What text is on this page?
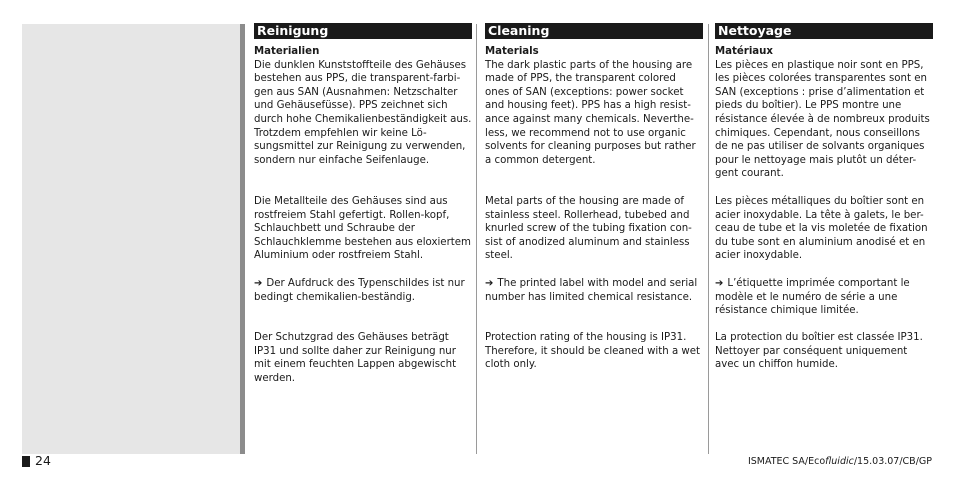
Reinigung
Materialien

Die dunklen Kunststoffteile des Gehäuses bestehen aus PPS, die transparent-farbi-gen aus SAN (Ausnahmen: Netzschalter und Gehäusefüsse). PPS zeichnet sich durch hohe Chemikalienbeständigkeit aus. Trotzdem empfehlen wir keine Lö-sungsmittel zur Reinigung zu verwenden, sondern nur einfache Seifenlauge.

Die Metallteile des Gehäuses sind aus rostfreiem Stahl gefertigt. Rollen-kopf, Schlauchbett und Schraube der Schlauchklemme bestehen aus eloxiertem Aluminium oder rostfreiem Stahl.

➔ Der Aufdruck des Typenschildes ist nur bedingt chemikalien-beständig.

Der Schutzgrad des Gehäuses beträgt IP31 und sollte daher zur Reinigung nur mit einem feuchten Lappen abgewischt werden.

Cleaning
Materials

The dark plastic parts of the housing are made of PPS, the transparent colored ones of SAN (exceptions: power socket and housing feet). PPS has a high resist-ance against many chemicals. Neverthe-less, we recommend not to use organic solvents for cleaning purposes but rather a common detergent.

Metal parts of the housing are made of stainless steel. Rollerhead, tubebed and knurled screw of the tubing fixation con-sist of anodized aluminum and stainless steel.

➔ The printed label with model and serial number has limited chemical resistance.

Protection rating of the housing is IP31. Therefore, it should be cleaned with a wet cloth only.

Nettoyage
Matériaux

Les pièces en plastique noir sont en PPS, les pièces colorées transparentes sont en SAN (exceptions : prise d’alimentation et pieds du boîtier). Le PPS montre une résistance élevée à de nombreux produits chimiques. Cependant, nous conseillons de ne pas utiliser de solvants organiques pour le nettoyage mais plutôt un déter-gent courant.

Les pièces métalliques du boîtier sont en acier inoxydable. La tête à galets, le ber-ceau de tube et la vis moletée de fixation du tube sont en aluminium anodisé et en acier inoxydable.

➔ L’étiquette imprimée comportant le modèle et le numéro de série a une résistance chimique limitée.

La protection du boîtier est classée IP31. Nettoyer par conséquent uniquement avec un chiffon humide.

24	ISMATEC SA/Ecofluidic/15.03.07/CB/GP
